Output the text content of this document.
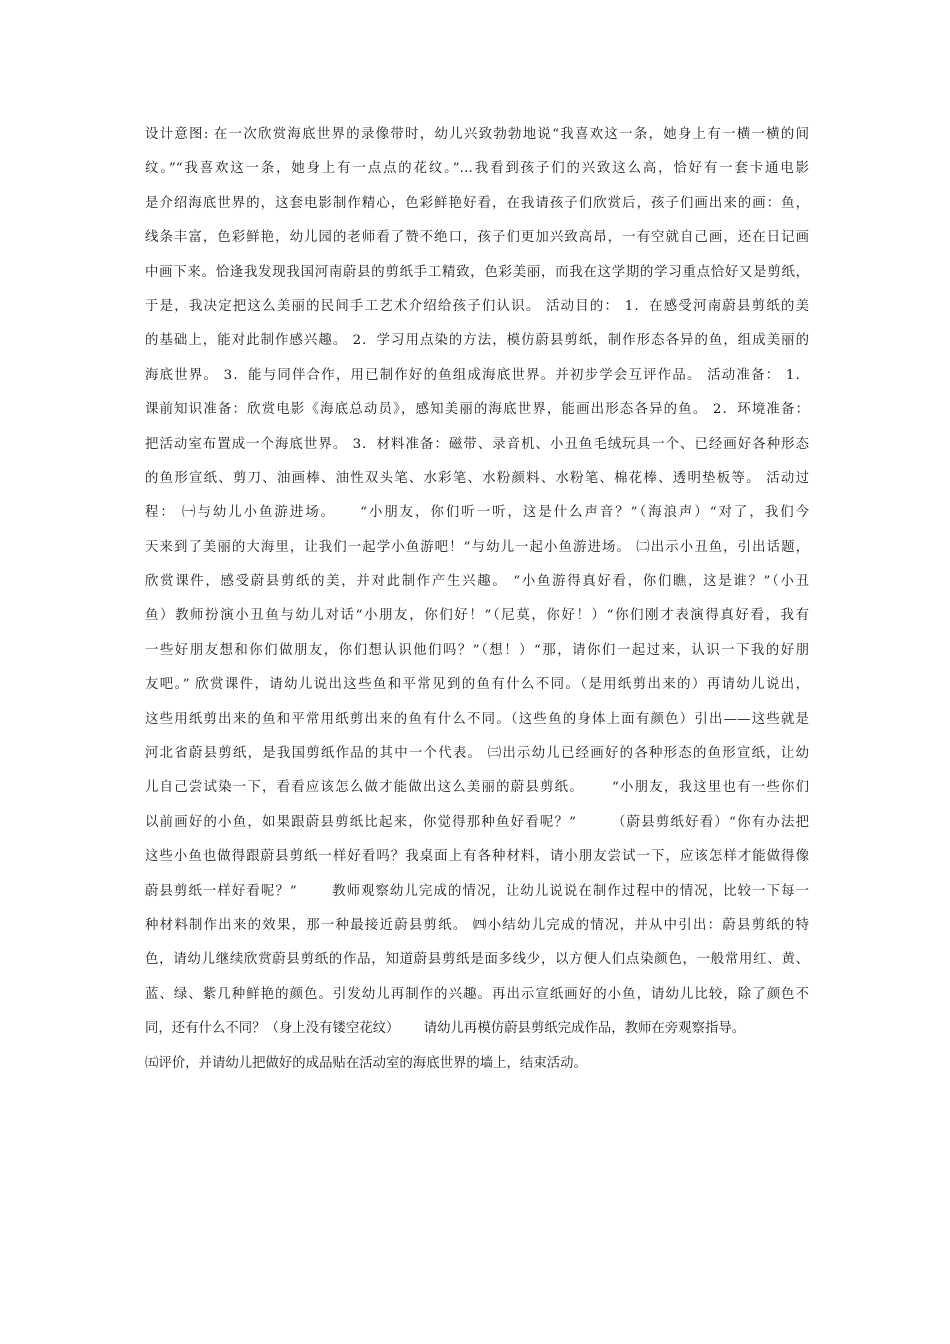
设计意图: 在一次欣赏海底世界的录像带时，幼儿兴致勃勃地说“我喜欢这一条，她身上有一横一横的间
纹。”“我喜欢这一条，她身上有一点点的花纹。”…我看到孩子们的兴致这么高，恰好有一套卡通电影
是介绍海底世界的，这套电影制作精心，色彩鲜艳好看，在我请孩子们欣赏后，孩子们画出来的画：鱼，
线条丰富，色彩鲜艳，幼儿园的老师看了赞不绝口，孩子们更加兴致高昂，一有空就自己画，还在日记画
中画下来。恰逢我发现我国河南蔚县的剪纸手工精致，色彩美丽，而我在这学期的学习重点恰好又是剪纸，
于是，我决定把这么美丽的民间手工艺术介绍给孩子们认识。 活动目的： 1．在感受河南蔚县剪纸的美
的基础上，能对此制作感兴趣。 2．学习用点染的方法，模仿蔚县剪纸，制作形态各异的鱼，组成美丽的
海底世界。 3．能与同伴合作，用已制作好的鱼组成海底世界。并初步学会互评作品。 活动准备： 1．
课前知识准备：欣赏电影《海底总动员》，感知美丽的海底世界，能画出形态各异的鱼。 2．环境准备：
把活动室布置成一个海底世界。 3．材料准备：磁带、录音机、小丑鱼毛绒玩具一个、已经画好各种形态
的鱼形宣纸、剪刀、油画棒、油性双头笔、水彩笔、水粉颜料、水粉笔、棉花棒、透明垫板等。 活动过
程： ㈠与幼儿小鱼游进场。　　“小朋友，你们听一听，这是什么声音？”（海浪声）“对了，我们今
天来到了美丽的大海里，让我们一起学小鱼游吧！”与幼儿一起小鱼游进场。 ㈡出示小丑鱼，引出话题，
欣赏课件，感受蔚县剪纸的美，并对此制作产生兴趣。 “小鱼游得真好看，你们瞧，这是谁？”（小丑
鱼）教师扮演小丑鱼与幼儿对话“小朋友，你们好！”（尼莫，你好！）“你们刚才表演得真好看，我有
一些好朋友想和你们做朋友，你们想认识他们吗？”（想！）“那，请你们一起过来，认识一下我的好朋
友吧。” 欣赏课件，请幼儿说出这些鱼和平常见到的鱼有什么不同。（是用纸剪出来的）再请幼儿说出，
这些用纸剪出来的鱼和平常用纸剪出来的鱼有什么不同。（这些鱼的身体上面有颜色）引出——这些就是
河北省蔚县剪纸，是我国剪纸作品的其中一个代表。 ㈢出示幼儿已经画好的各种形态的鱼形宣纸，让幼
儿自己尝试染一下，看看应该怎么做才能做出这么美丽的蔚县剪纸。　　 “小朋友，我这里也有一些你们
以前画好的小鱼，如果跟蔚县剪纸比起来，你觉得那种鱼好看呢？”　　 （蔚县剪纸好看）“你有办法把
这些小鱼也做得跟蔚县剪纸一样好看吗？我桌面上有各种材料，请小朋友尝试一下，应该怎样才能做得像
蔚县剪纸一样好看呢？”　　 教师观察幼儿完成的情况，让幼儿说说在制作过程中的情况，比较一下每一
种材料制作出来的效果，那一种最接近蔚县剪纸。 ㈣小结幼儿完成的情况，并从中引出：蔚县剪纸的特
色，请幼儿继续欣赏蔚县剪纸的作品，知道蔚县剪纸是面多线少，以方便人们点染颜色，一般常用红、黄、
蓝、绿、紫几种鲜艳的颜色。引发幼儿再制作的兴趣。再出示宣纸画好的小鱼，请幼儿比较，除了颜色不
同，还有什么不同？（身上没有镂空花纹）　　 请幼儿再模仿蔚县剪纸完成作品，教师在旁观察指导。
㈤评价，并请幼儿把做好的成品贴在活动室的海底世界的墙上，结束活动。
